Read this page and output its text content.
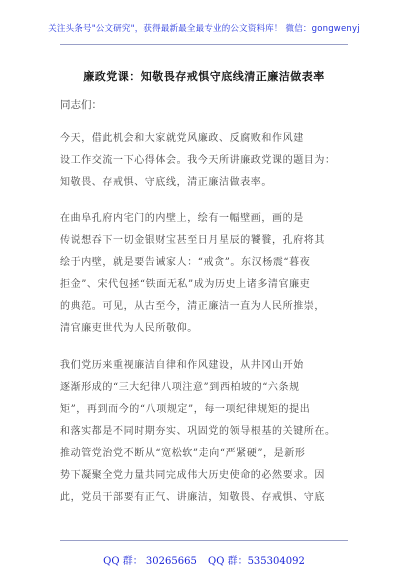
关注头条号"公文研究"，获得最新最全最专业的公文资料库！ 微信：gongwenyj
廉政党课：知敬畏存戒惧守底线清正廉洁做表率
同志们：
今天，借此机会和大家就党风廉政、反腐败和作风建
设工作交流一下心得体会。我今天所讲廉政党课的题目为：
知敬畏、存戒惧、守底线，清正廉洁做表率。
在曲阜孔府内宅门的内壁上，绘有一幅壁画，画的是
传说想吞下一切金银财宝甚至日月星辰的饕餮，孔府将其
绘于内壁，就是要告诫家人：“戒贪”。东汉杨震“暮夜
拒金”、宋代包拯“铁面无私”成为历史上诸多清官廉吏
的典范。可见，从古至今，清正廉洁一直为人民所推崇，
清官廉吏世代为人民所敬仰。
我们党历来重视廉洁自律和作风建设，从井冈山开始
逐渐形成的“三大纪律八项注意”到西柏坡的“六条规
矩”，再到而今的“八项规定”，每一项纪律规矩的提出
和落实都是不同时期夯实、巩固党的领导根基的关键所在。
推动管党治党不断从“宽松软”走向“严紧硬”，是新形
势下凝聚全党力量共同完成伟大历史使命的必然要求。因
此，党员干部要有正气、讲廉洁，知敬畏、存戒惧、守底
QQ 群： 30265665 QQ 群：535304092
